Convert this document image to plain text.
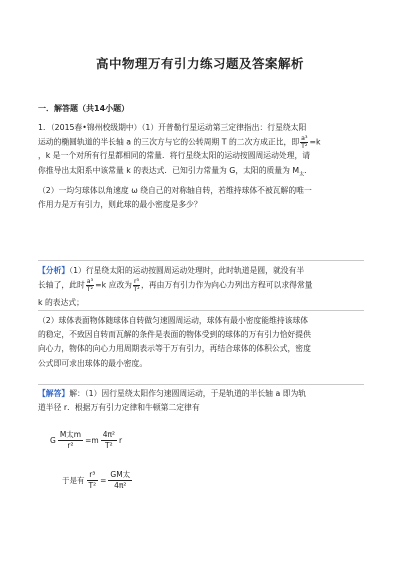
高中物理万有引力练习题及答案解析
一．解答题（共14小题）
1．（2015春•锦州校级期中）（1）开普勒行星运动第三定律指出：行星绕太阳
运动的椭圆轨道的半长轴 a 的三次方与它的公转周期 T 的二次方成正比，即 $\frac{\text{a³}}{\text{T²}} =k$
，k 是一个对所有行星都相同的常量．将行星绕太阳的运动按圆周运动处理，请
你推导出太阳系中该常量 k 的表达式．已知引力常量为 G，太阳的质量为 $M_太$．
（2）一均匀球体以角速度 ω 绕自己的对称轴自转，若维持球体不被瓦解的唯一
作用力是万有引力，则此球的最小密度是多少？
【分析】（1）行星绕太阳的运动按圆周运动处理时，此时轨道是圆，就没有半
长轴了，此时 $\frac{\text{a³}}{\text{T²}} =k$ 应改为 $\frac{\text{r³}}{\text{T²}}$ ，再由万有引力作为向心力列出方程可以求得常量
k 的表达式；
（2）球体表面物体随球体自转做匀速圆周运动，球体有最小密度能维持该球体
的稳定，不致因自转而瓦解的条件是表面的物体受到的球体的万有引力恰好提供
向心力，物体的向心力用周期表示等于万有引力，再结合球体的体积公式，密度
公式即可求出球体的最小密度。
【解答】解：（1）因行星绕太阳作匀速圆周运动，于是轨道的半长轴 a 即为轨
道半径 r．根据万有引力定律和牛顿第二定律有
G $\frac{\text{M太m}}{\text{r²}} =m \frac{\text{4π²}}{\text{T²}}$ r
于是有 $\frac{\text{r³}}{\text{T²}} = \frac{\text{GM太}}{\text{4π²}}$
